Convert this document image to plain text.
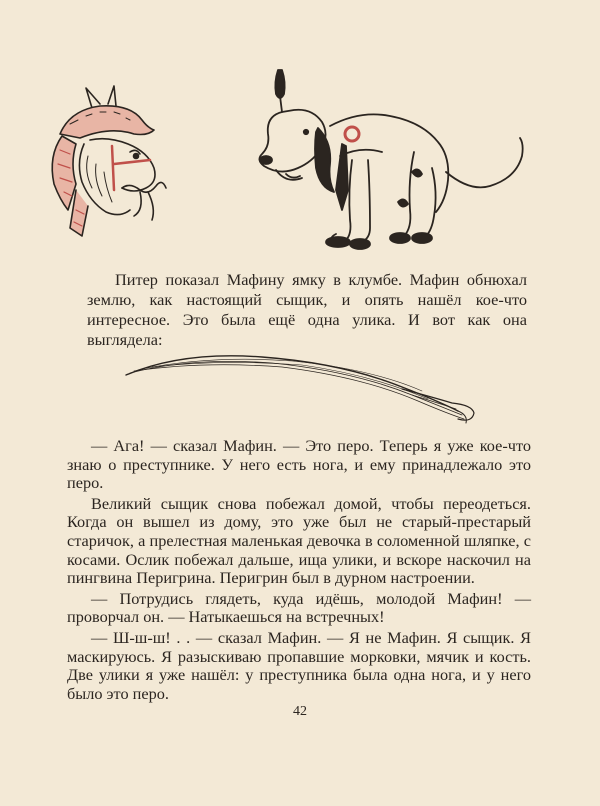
Питер показал Мафину ямку в клумбе. Мафин обнюхал землю, как настоящий сыщик, и опять нашёл кое-что интересное. Это была ещё одна улика. И вот как она выглядела:

— Ага! — сказал Мафин. — Это перо. Теперь я уже кое-что знаю о преступнике. У него есть нога, и ему принадлежало это перо.

Великий сыщик снова побежал домой, чтобы переодеться. Когда он вышел из дому, это уже был не старый-престарый старичок, а прелестная маленькая девочка в соломенной шляпке, с косами. Ослик побежал дальше, ища улики, и вскоре наскочил на пингвина Перигрина. Перигрин был в дурном настроении.

— Потрудись глядеть, куда идёшь, молодой Мафин! — проворчал он. — Натыкаешься на встречных!

— Ш-ш-ш! . . — сказал Мафин. — Я не Мафин. Я сыщик. Я маскируюсь. Я разыскиваю пропавшие морковки, мячик и кость. Две улики я уже нашёл: у преступника была одна нога, и у него было это перо.

42
